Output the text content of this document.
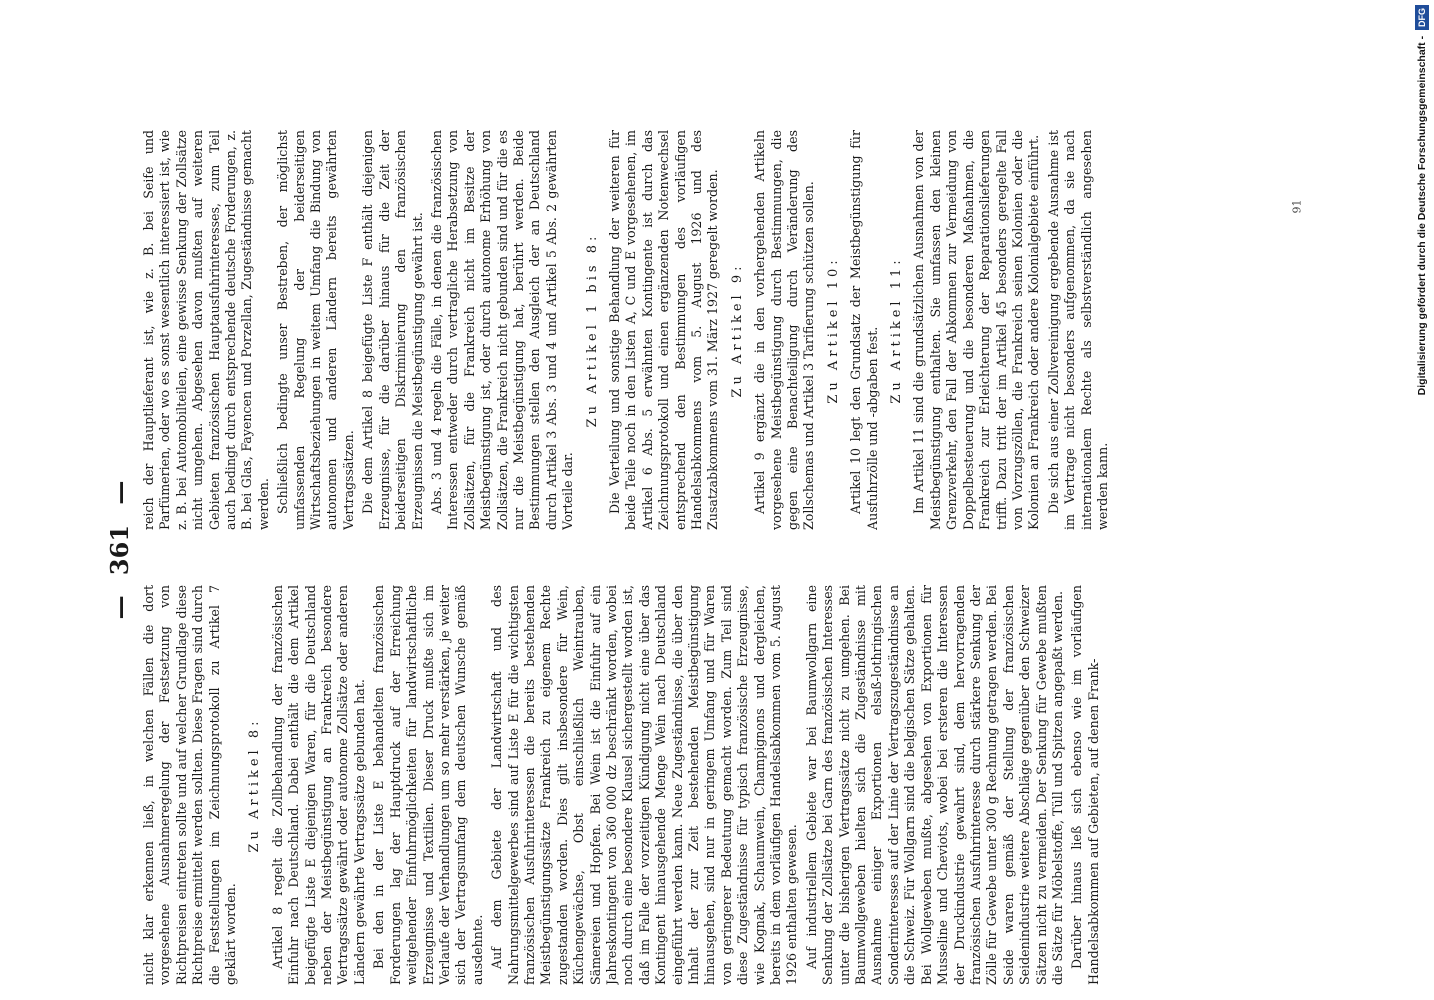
— 361 —

nicht klar erkennen ließ, in welchen Fällen die dort vorgesehene Ausnahmeregelung der Festsetzung von Richtpreisen eintreten sollte und auf welcher Grundlage diese Richtpreise ermittelt werden sollten. Diese Fragen sind durch die Feststellungen im Zeichnungsprotokoll zu Artikel 7 geklärt worden.

Zu Artikel 8: Artikel 8 regelt die Zollbehandlung der französischen Einfuhr nach Deutschland. Dabei enthält die dem Artikel beigefügte Liste E diejenigen Waren, für die Deutschland neben der Meistbegünstigung an Frankreich besondere Vertragssätze gewährt oder autonome Zollsätze oder anderen Ländern gewährte Vertragssätze gebunden hat. Bei den in der Liste E behandelten französischen Forderungen lag der Hauptdruck auf der Erreichung weitgehender Einfuhrmöglichkeiten für landwirtschaftliche Erzeugnisse und Textilien. Dieser Druck mußte sich im Verlaufe der Verhandlungen um so mehr verstärken, je weiter sich der Vertragsumfang dem deutschen Wunsche gemäß ausdehnte. Auf dem Gebiete der Landwirtschaft und des Nahrungsmittelgewerbes sind auf Liste E für die wichtigsten französischen Ausfuhrinteressen die bereits bestehenden Meistbegünstigungssätze Frankreich zu eigenem Rechte zugestanden worden. Dies gilt insbesondere für Wein, Küchengewächse, Obst einschließlich Weintrauben, Sämereien und Hopfen. Bei Wein ist die Einfuhr auf ein Jahreskontingent von 360 000 dz beschränkt worden, wobei noch durch eine besondere Klausel sichergestellt worden ist, daß im Falle der vorzeitigen Kündigung nicht eine über das Kontingent hinausgehende Menge Wein nach Deutschland eingeführt werden kann. Neue Zugeständnisse, die über den Inhalt der zur Zeit bestehenden Meistbegünstigung hinausgehen, sind nur in geringem Umfang und für Waren von geringerer Bedeutung gemacht worden. Zum Teil sind diese Zugeständnisse für typisch französische Erzeugnisse, wie Kognak, Schaumwein, Champignons und dergleichen, bereits in dem vorläufigen Handelsabkommen vom 5. August 1926 enthalten gewesen. Auf industriellem Gebiete war bei Baumwollgarn eine Senkung der Zollsätze bei Garn des französischen Interesses unter die bisherigen Vertragssätze nicht zu umgehen. Bei Baumwollgeweben hielten sich die Zugeständnisse mit Ausnahme einiger Exportionen elsaß-lothringischen Sonderinteresses auf der Linie der Vertragszugeständnisse an die Schweiz. Für Wollgarn sind die belgischen Sätze gehalten. Bei Wollgeweben mußte, abgesehen von Exportionen für Musseline und Cheviots, wobei bei ersteren die Interessen der Druckindustrie gewahrt sind, dem hervorragenden französischen Ausfuhrinteresse durch stärkere Senkung der Zölle für Gewebe unter 300 g Rechnung getragen werden. Bei Seide waren gemäß der Stellung der französischen Seidenindustrie weitere Abschläge gegenüber den Schweizer Sätzen nicht zu vermeiden. Der Senkung für Gewebe mußten die Sätze für Möbelstoffe, Tüll und Spitzen angepaßt werden. Darüber hinaus ließ sich ebenso wie im vorläufigen Handelsabkommen auf Gebieten, auf denen Frank-

reich der Hauptlieferant ist, wie z. B. bei Seife und Parfümerien, oder wo es sonst wesentlich interessiert ist, wie z. B. bei Automobilteilen, eine gewisse Senkung der Zollsätze nicht umgehen. Abgesehen davon mußten auf weiteren Gebieten französischen Hauptausfuhrinteresses, zum Teil auch bedingt durch entsprechende deutsche Forderungen, z. B. bei Glas, Fayencen und Porzellan, Zugeständnisse gemacht werden. Schließlich bedingte unser Bestreben, der möglichst umfassenden Regelung der beiderseitigen Wirtschaftsbeziehungen in weitem Umfang die Bindung von autonomen und anderen Ländern bereits gewährten Vertragssätzen. Die dem Artikel 8 beigefügte Liste F enthält diejenigen Erzeugnisse, für die darüber hinaus für die Zeit der beiderseitigen Diskriminierung den französischen Erzeugnissen die Meistbegünstigung gewährt ist. Abs. 3 und 4 regeln die Fälle, in denen die französischen Interessen entweder durch vertragliche Herabsetzung von Zollsätzen, für die Frankreich nicht im Besitze der Meistbegünstigung ist, oder durch autonome Erhöhung von Zollsätzen, die Frankreich nicht gebunden sind und für die es nur die Meistbegünstigung hat, berührt werden. Beide Bestimmungen stellen den Ausgleich der an Deutschland durch Artikel 3 Abs. 3 und 4 und Artikel 5 Abs. 2 gewährten Vorteile dar.

Zu Artikel 1 bis 8: Die Verteilung und sonstige Behandlung der weiteren für beide Teile noch in den Listen A, C und E vorgesehenen, im Artikel 6 Abs. 5 erwähnten Kontingente ist durch das Zeichnungsprotokoll und einen ergänzenden Notenwechsel entsprechend den Bestimmungen des vorläufigen Handelsabkommens vom 5. August 1926 und des Zusatzabkommens vom 31. März 1927 geregelt worden. Zu Artikel 9: Artikel 9 ergänzt die in den vorhergehenden Artikeln vorgesehene Meistbegünstigung durch Bestimmungen, die gegen eine Benachteiligung durch Veränderung des Zollschemas und Artikel 3 Tarifierung schützen sollen. Zu Artikel 10: Artikel 10 legt den Grundsatz der Meistbegünstigung für Ausfuhrzölle und -abgaben fest. Zu Artikel 11: Im Artikel 11 sind die grundsätzlichen Ausnahmen von der Meistbegünstigung enthalten. Sie umfassen den kleinen Grenzverkehr, den Fall der Abkommen zur Vermeidung von Doppelbesteuerung und die besonderen Maßnahmen, die Frankreich zur Erleichterung der Reparationslieferungen trifft. Dazu tritt der im Artikel 45 besonders geregelte Fall von Vorzugszöllen, die Frankreich seinen Kolonien oder die Kolonien an Frankreich oder andere Kolonialgebiete einführt. Die sich aus einer Zollvereinigung ergebende Ausnahme ist im Vertrage nicht besonders aufgenommen, da sie nach internationalem Rechte als selbstverständlich angesehen werden kann.

91	Digitalisierung gefördert durch die Deutsche Forschungsgemeinschaft - DFG
